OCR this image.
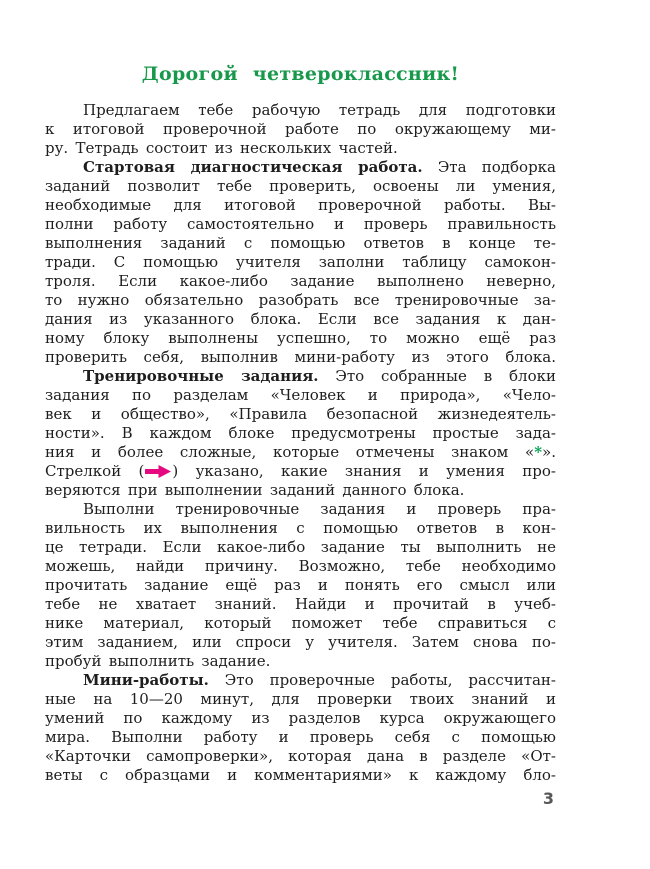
Дорогой четвероклассник!
Предлагаем тебе рабочую тетрадь для подготовки
к итоговой проверочной работе по окружающему ми-
ру. Тетрадь состоит из нескольких частей.
Стартовая диагностическая работа. Эта подборка
заданий позволит тебе проверить, освоены ли умения,
необходимые для итоговой проверочной работы. Вы-
полни работу самостоятельно и проверь правильность
выполнения заданий с помощью ответов в конце те-
тради. С помощью учителя заполни таблицу самокон-
троля. Если какое-либо задание выполнено неверно,
то нужно обязательно разобрать все тренировочные за-
дания из указанного блока. Если все задания к дан-
ному блоку выполнены успешно, то можно ещё раз
проверить себя, выполнив мини-работу из этого блока.
Тренировочные задания. Это собранные в блоки
задания по разделам «Человек и природа», «Чело-
век и общество», «Правила безопасной жизнедеятель-
ности». В каждом блоке предусмотрены простые зада-
ния и более сложные, которые отмечены знаком «*».
Стрелкой ( ) указано, какие знания и умения про-
веряются при выполнении заданий данного блока.
Выполни тренировочные задания и проверь пра-
вильность их выполнения с помощью ответов в кон-
це тетради. Если какое-либо задание ты выполнить не
можешь, найди причину. Возможно, тебе необходимо
прочитать задание ещё раз и понять его смысл или
тебе не хватает знаний. Найди и прочитай в учеб-
нике материал, который поможет тебе справиться с
этим заданием, или спроси у учителя. Затем снова по-
пробуй выполнить задание.
Мини-работы. Это проверочные работы, рассчитан-
ные на 10—20 минут, для проверки твоих знаний и
умений по каждому из разделов курса окружающего
мира. Выполни работу и проверь себя с помощью
«Карточки самопроверки», которая дана в разделе «От-
веты с образцами и комментариями» к каждому бло-
3
